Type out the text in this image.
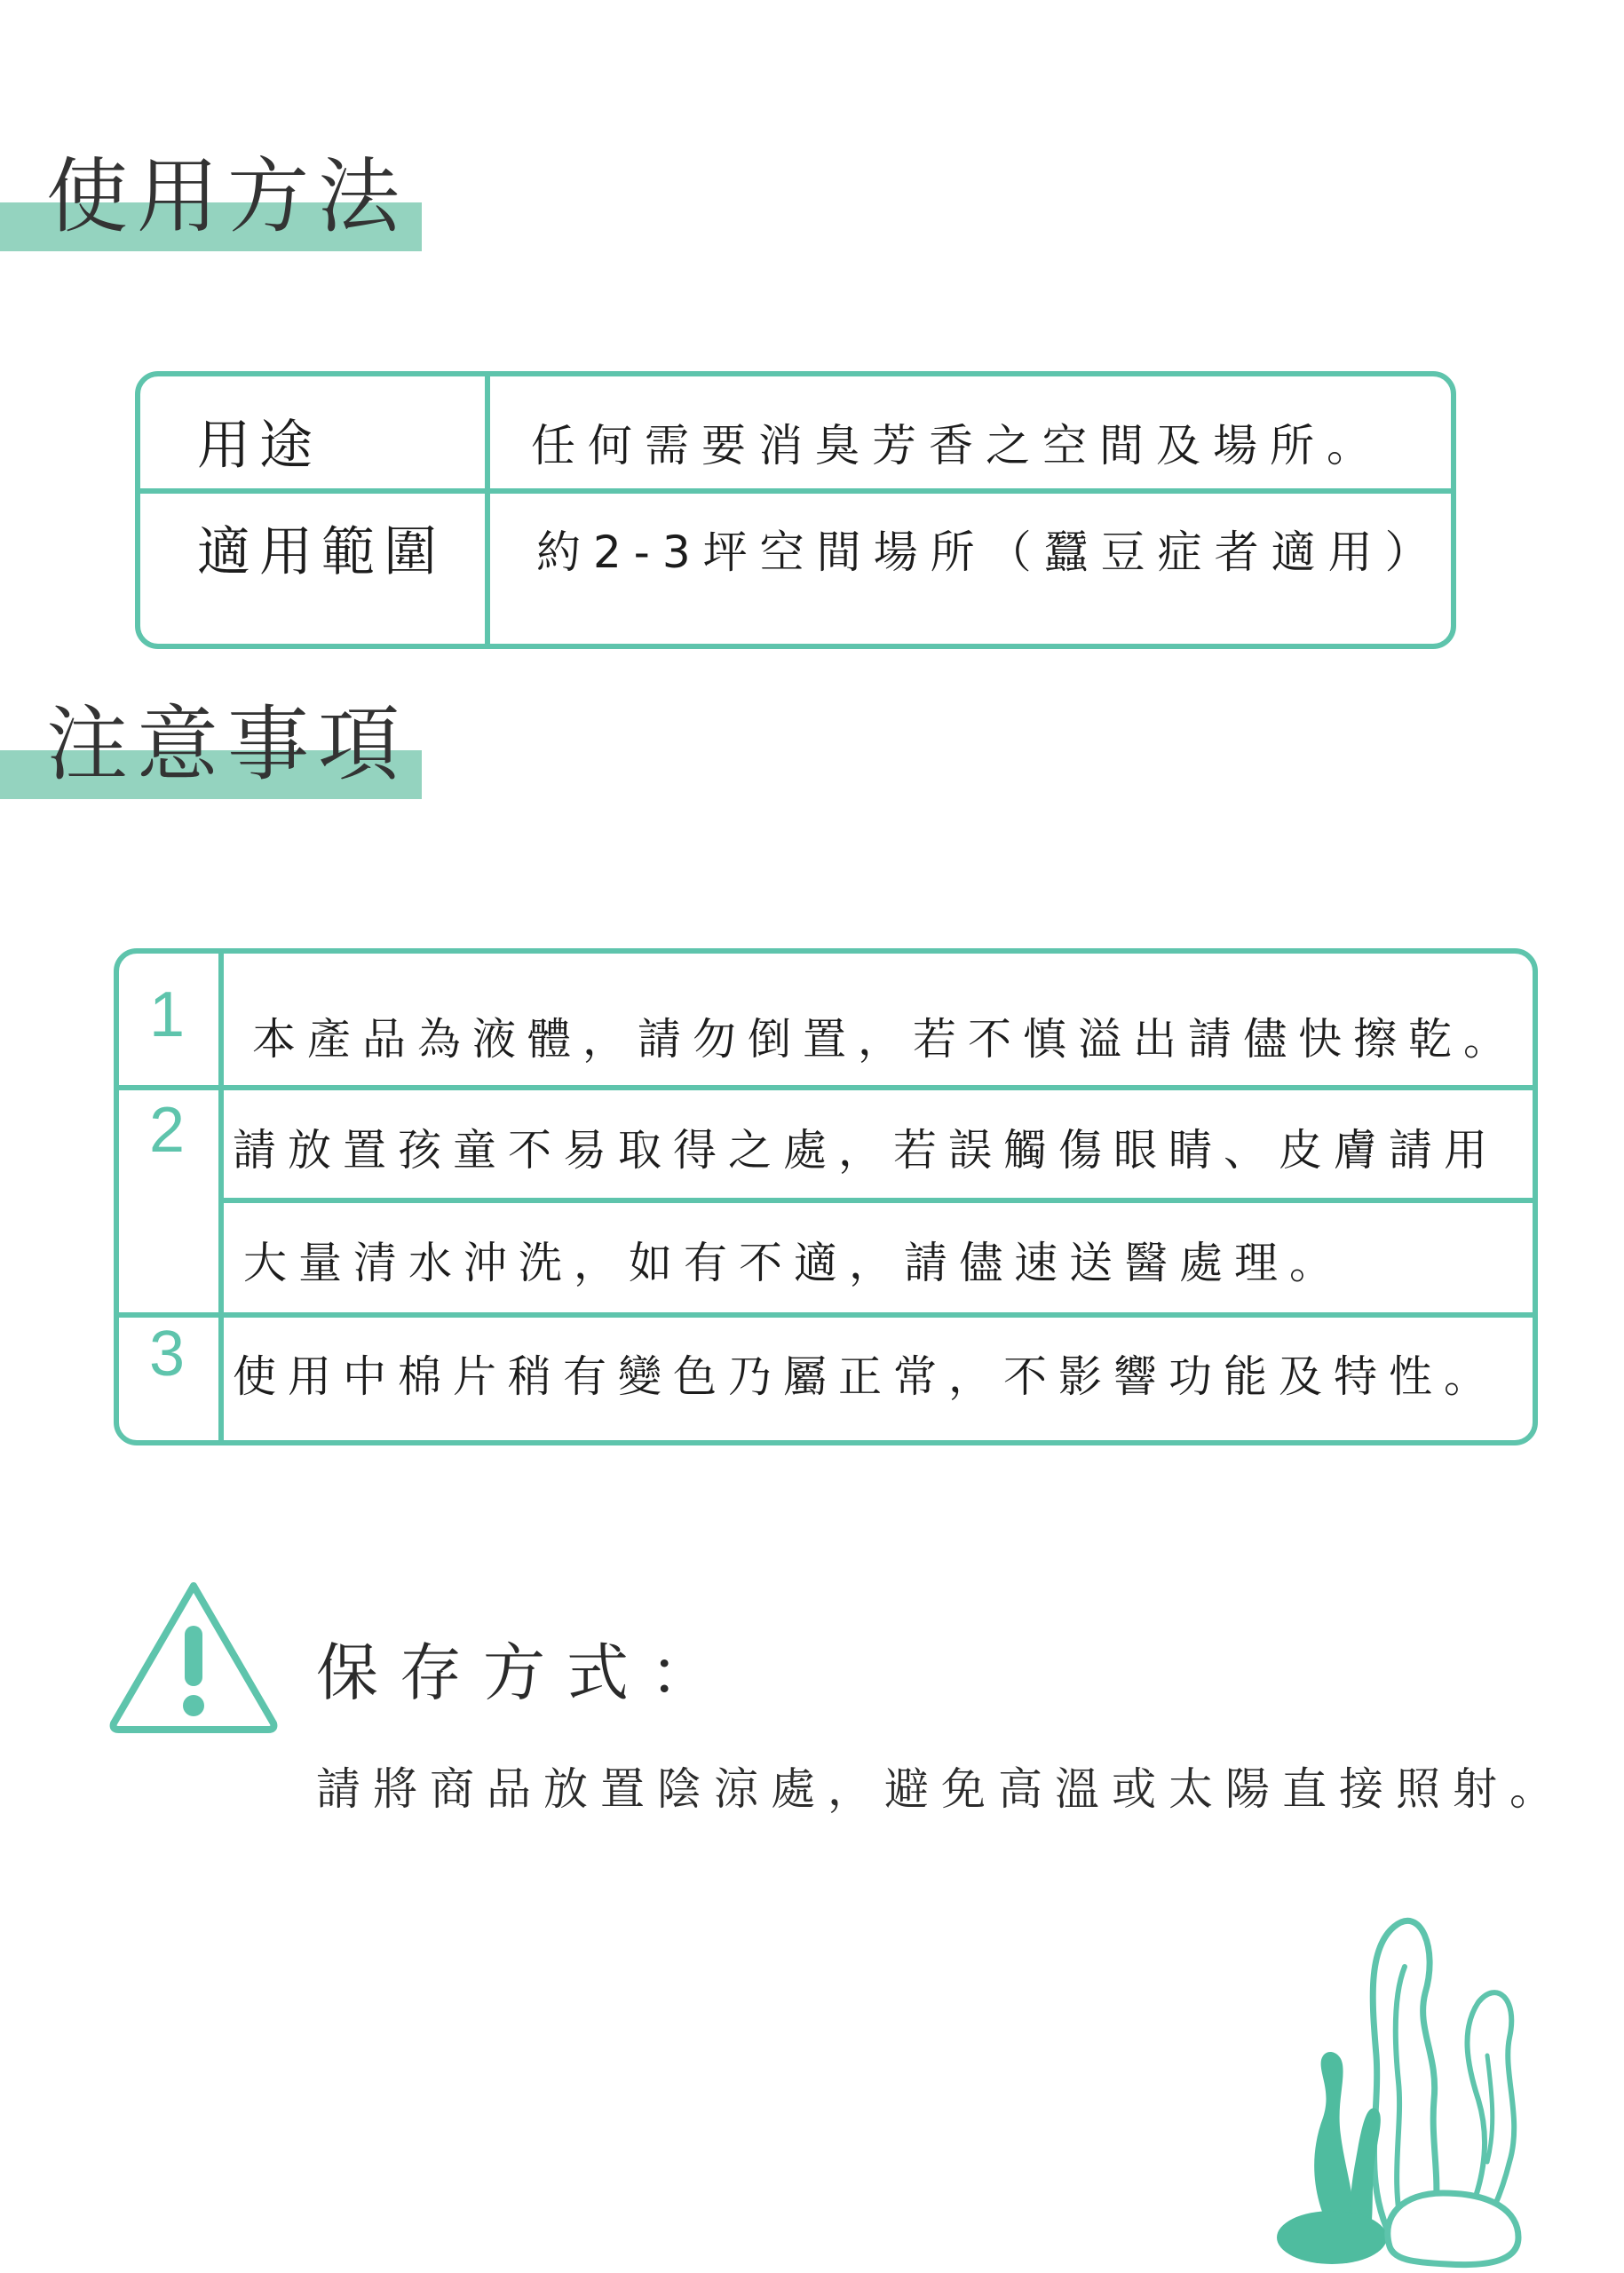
使用方法
用途	任何需要消臭芳香之空間及場所。
適用範圍 約2-3坪空間場所（蠶豆症者適用）
注意事項
1	本產品為液體，請勿倒置，若不慎溢出請儘快擦乾。
2	請放置孩童不易取得之處，若誤觸傷眼睛、皮膚請用
大量清水沖洗，如有不適，請儘速送醫處理。
3	使用中棉片稍有變色乃屬正常，不影響功能及特性。
保存方式：
請將商品放置陰涼處，避免高溫或太陽直接照射。
